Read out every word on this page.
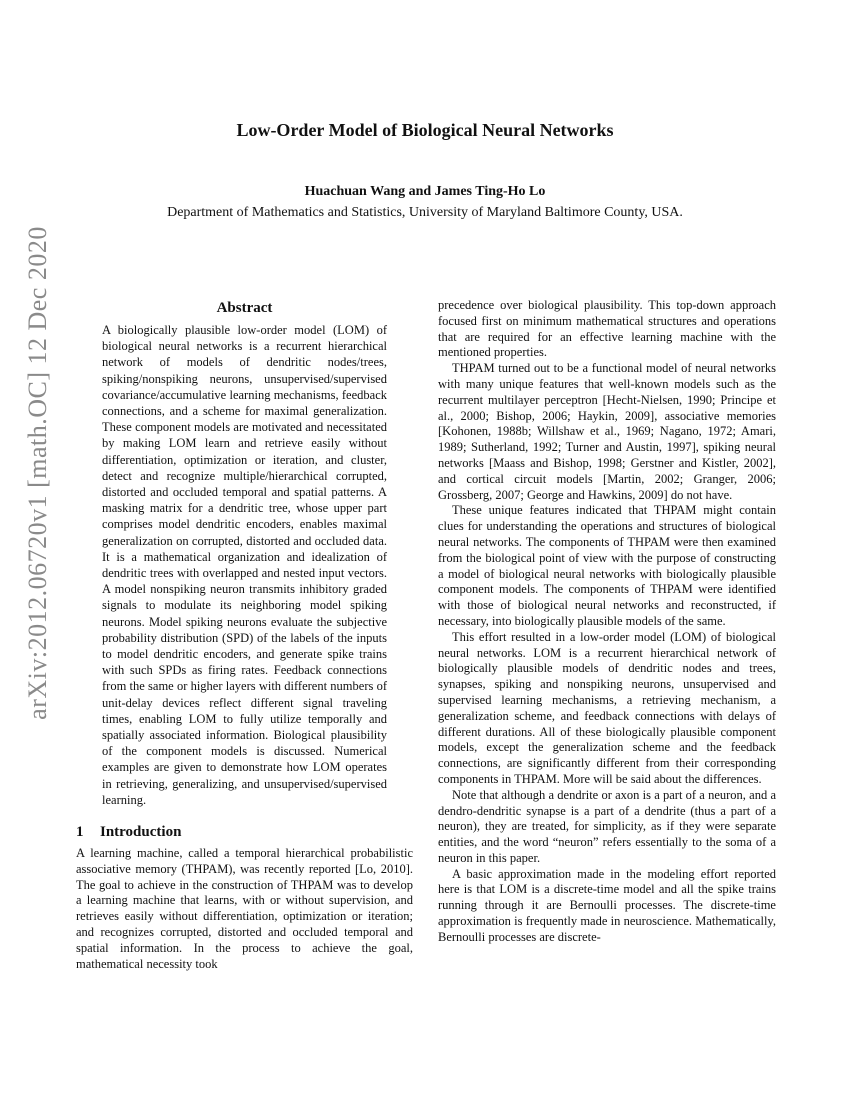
Low-Order Model of Biological Neural Networks
Huachuan Wang and James Ting-Ho Lo
Department of Mathematics and Statistics, University of Maryland Baltimore County, USA.
arXiv:2012.06720v1 [math.OC] 12 Dec 2020	Abstract

A biologically plausible low-order model (LOM) of biological neural networks is a recurrent hierarchical network of models of dendritic nodes/trees, spiking/nonspiking neurons, unsupervised/supervised covariance/accumulative learning mechanisms, feedback connections, and a scheme for maximal generalization. These component models are motivated and necessitated by making LOM learn and retrieve easily without differentiation, optimization or iteration, and cluster, detect and recognize multiple/hierarchical corrupted, distorted and occluded temporal and spatial patterns. A masking matrix for a dendritic tree, whose upper part comprises model dendritic encoders, enables maximal generalization on corrupted, distorted and occluded data. It is a mathematical organization and idealization of dendritic trees with overlapped and nested input vectors. A model nonspiking neuron transmits inhibitory graded signals to modulate its neighboring model spiking neurons. Model spiking neurons evaluate the subjective probability distribution (SPD) of the labels of the inputs to model dendritic encoders, and generate spike trains with such SPDs as firing rates. Feedback connections from the same or higher layers with different numbers of unit-delay devices reflect different signal traveling times, enabling LOM to fully utilize temporally and spatially associated information. Biological plausibility of the component models is discussed. Numerical examples are given to demonstrate how LOM operates in retrieving, generalizing, and unsupervised/supervised learning.

1 Introduction

A learning machine, called a temporal hierarchical probabilistic associative memory (THPAM), was recently reported [Lo, 2010]. The goal to achieve in the construction of THPAM was to develop a learning machine that learns, with or without supervision, and retrieves easily without differentiation, optimization or iteration; and recognizes corrupted, distorted and occluded temporal and spatial information. In the process to achieve the goal, mathematical necessity took

precedence over biological plausibility. This top-down approach focused first on minimum mathematical structures and operations that are required for an effective learning machine with the mentioned properties.

THPAM turned out to be a functional model of neural networks with many unique features that well-known models such as the recurrent multilayer perceptron [Hecht-Nielsen, 1990; Principe et al., 2000; Bishop, 2006; Haykin, 2009], associative memories [Kohonen, 1988b; Willshaw et al., 1969; Nagano, 1972; Amari, 1989; Sutherland, 1992; Turner and Austin, 1997], spiking neural networks [Maass and Bishop, 1998; Gerstner and Kistler, 2002], and cortical circuit models [Martin, 2002; Granger, 2006; Grossberg, 2007; George and Hawkins, 2009] do not have.

These unique features indicated that THPAM might contain clues for understanding the operations and structures of biological neural networks. The components of THPAM were then examined from the biological point of view with the purpose of constructing a model of biological neural networks with biologically plausible component models. The components of THPAM were identified with those of biological neural networks and reconstructed, if necessary, into biologically plausible models of the same.

This effort resulted in a low-order model (LOM) of biological neural networks. LOM is a recurrent hierarchical network of biologically plausible models of dendritic nodes and trees, synapses, spiking and nonspiking neurons, unsupervised and supervised learning mechanisms, a retrieving mechanism, a generalization scheme, and feedback connections with delays of different durations. All of these biologically plausible component models, except the generalization scheme and the feedback connections, are significantly different from their corresponding components in THPAM. More will be said about the differences.

Note that although a dendrite or axon is a part of a neuron, and a dendro-dendritic synapse is a part of a dendrite (thus a part of a neuron), they are treated, for simplicity, as if they were separate entities, and the word “neuron” refers essentially to the soma of a neuron in this paper.

A basic approximation made in the modeling effort reported here is that LOM is a discrete-time model and all the spike trains running through it are Bernoulli processes. The discrete-time approximation is frequently made in neuroscience. Mathematically, Bernoulli processes are discrete-
